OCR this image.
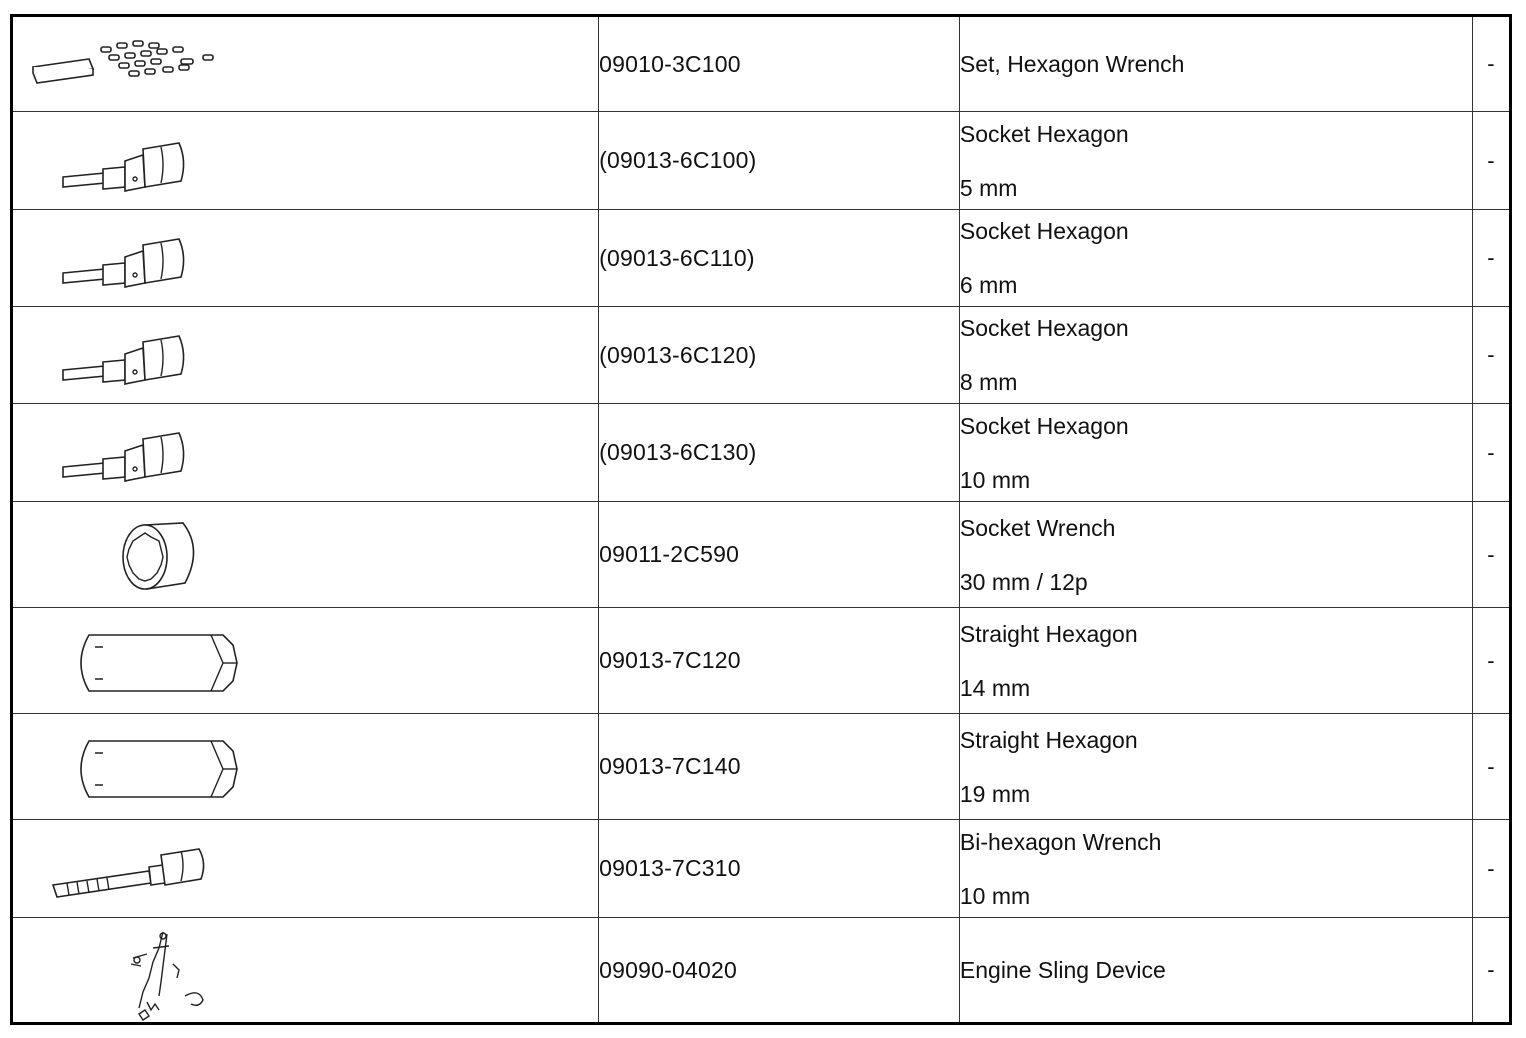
	09010-3C100	Set, Hexagon Wrench	-

	(09013-6C100)	Socket Hexagon
5 mm	-

	(09013-6C110)	Socket Hexagon
6 mm	-

	(09013-6C120)	Socket Hexagon
8 mm	-

	(09013-6C130)	Socket Hexagon
10 mm	-

	09011-2C590	Socket Wrench
30 mm / 12p	-

	09013-7C120	Straight Hexagon
14 mm	-

	09013-7C140	Straight Hexagon
19 mm	-

	09013-7C310	Bi-hexagon Wrench
10 mm	-

	09090-04020	Engine Sling Device	-
